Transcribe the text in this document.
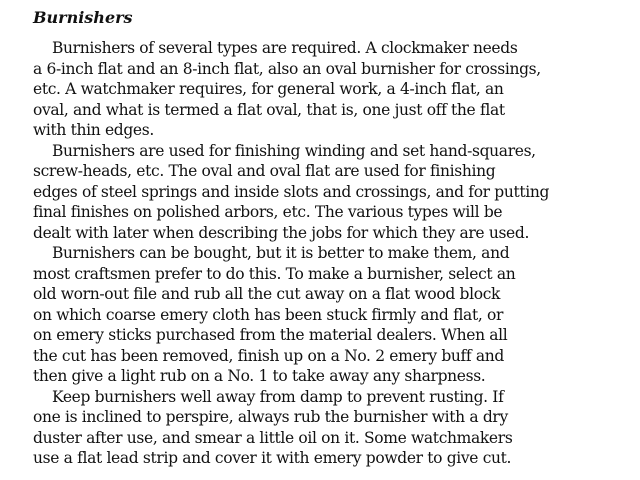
Burnishers
Burnishers of several types are required. A clockmaker needs
a 6-inch flat and an 8-inch flat, also an oval burnisher for crossings,
etc. A watchmaker requires, for general work, a 4-inch flat, an
oval, and what is termed a flat oval, that is, one just off the flat
with thin edges.
Burnishers are used for finishing winding and set hand-squares,
screw-heads, etc. The oval and oval flat are used for finishing
edges of steel springs and inside slots and crossings, and for putting
final finishes on polished arbors, etc. The various types will be
dealt with later when describing the jobs for which they are used.
Burnishers can be bought, but it is better to make them, and
most craftsmen prefer to do this. To make a burnisher, select an
old worn-out file and rub all the cut away on a flat wood block
on which coarse emery cloth has been stuck firmly and flat, or
on emery sticks purchased from the material dealers. When all
the cut has been removed, finish up on a No. 2 emery buff and
then give a light rub on a No. 1 to take away any sharpness.
Keep burnishers well away from damp to prevent rusting. If
one is inclined to perspire, always rub the burnisher with a dry
duster after use, and smear a little oil on it. Some watchmakers
use a flat lead strip and cover it with emery powder to give cut.
